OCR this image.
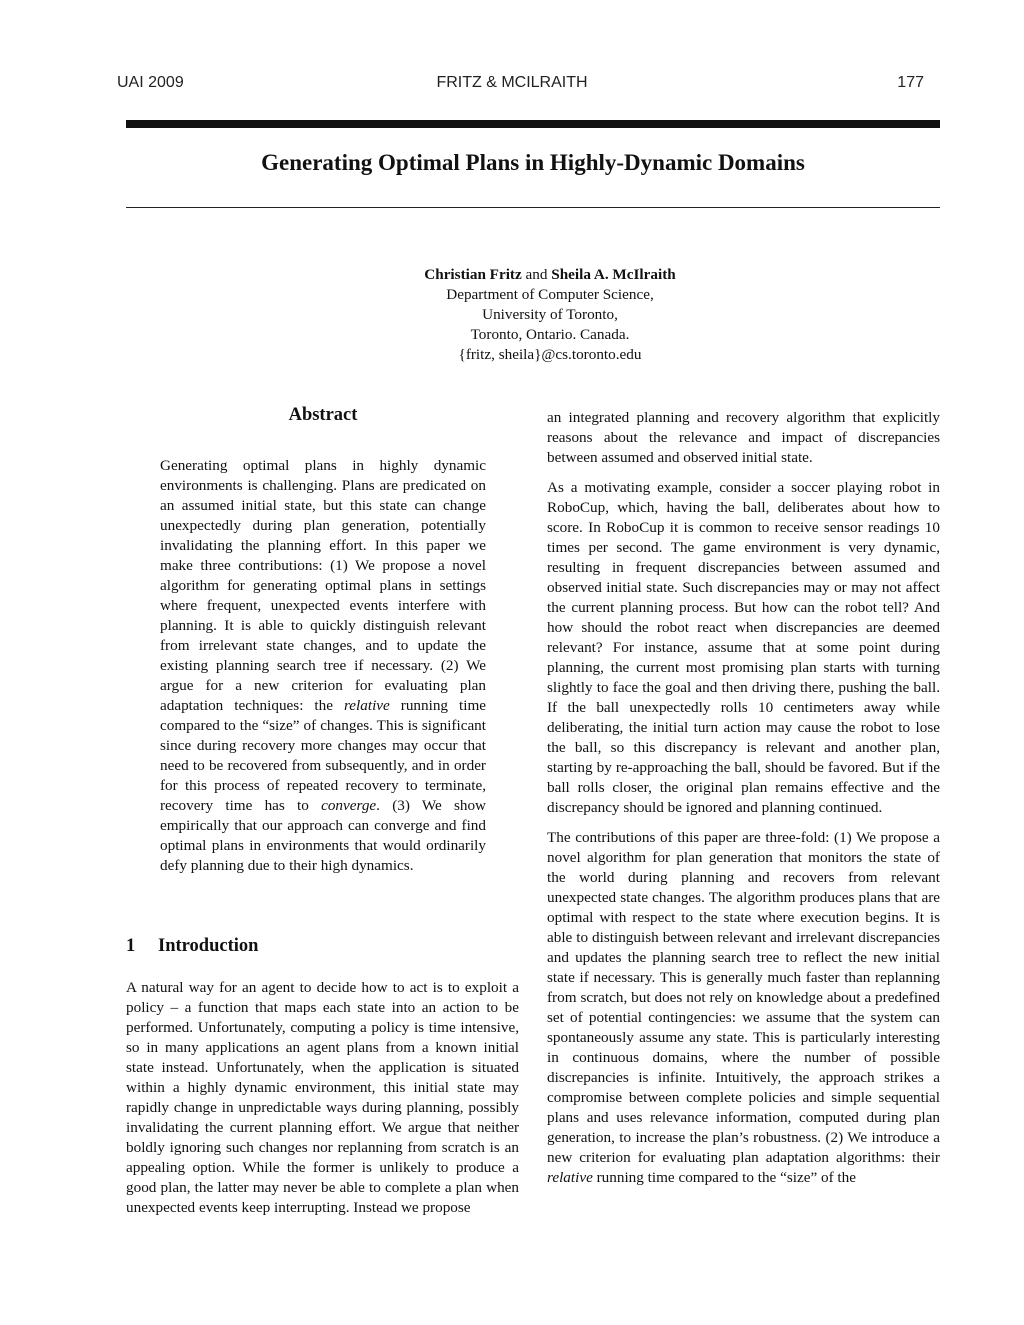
UAI 2009	FRITZ & MCILRAITH	177
Generating Optimal Plans in Highly-Dynamic Domains
Christian Fritz and Sheila A. McIlraith
Department of Computer Science,
University of Toronto,
Toronto, Ontario. Canada.
{fritz, sheila}@cs.toronto.edu
Abstract

Generating optimal plans in highly dynamic environments is challenging. Plans are predicated on an assumed initial state, but this state can change unexpectedly during plan generation, potentially invalidating the planning effort. In this paper we make three contributions: (1) We propose a novel algorithm for generating optimal plans in settings where frequent, unexpected events interfere with planning. It is able to quickly distinguish relevant from irrelevant state changes, and to update the existing planning search tree if necessary. (2) We argue for a new criterion for evaluating plan adaptation techniques: the relative running time compared to the “size” of changes. This is significant since during recovery more changes may occur that need to be recovered from subsequently, and in order for this process of repeated recovery to terminate, recovery time has to converge. (3) We show empirically that our approach can converge and find optimal plans in environments that would ordinarily defy planning due to their high dynamics.

1 Introduction

A natural way for an agent to decide how to act is to exploit a policy – a function that maps each state into an action to be performed. Unfortunately, computing a policy is time intensive, so in many applications an agent plans from a known initial state instead. Unfortunately, when the application is situated within a highly dynamic environment, this initial state may rapidly change in unpredictable ways during planning, possibly invalidating the current planning effort. We argue that neither boldly ignoring such changes nor replanning from scratch is an appealing option. While the former is unlikely to produce a good plan, the latter may never be able to complete a plan when unexpected events keep interrupting. Instead we propose

an integrated planning and recovery algorithm that explicitly reasons about the relevance and impact of discrepancies between assumed and observed initial state.

As a motivating example, consider a soccer playing robot in RoboCup, which, having the ball, deliberates about how to score. In RoboCup it is common to receive sensor readings 10 times per second. The game environment is very dynamic, resulting in frequent discrepancies between assumed and observed initial state. Such discrepancies may or may not affect the current planning process. But how can the robot tell? And how should the robot react when discrepancies are deemed relevant? For instance, assume that at some point during planning, the current most promising plan starts with turning slightly to face the goal and then driving there, pushing the ball. If the ball unexpectedly rolls 10 centimeters away while deliberating, the initial turn action may cause the robot to lose the ball, so this discrepancy is relevant and another plan, starting by re-approaching the ball, should be favored. But if the ball rolls closer, the original plan remains effective and the discrepancy should be ignored and planning continued.

The contributions of this paper are three-fold: (1) We propose a novel algorithm for plan generation that monitors the state of the world during planning and recovers from relevant unexpected state changes. The algorithm produces plans that are optimal with respect to the state where execution begins. It is able to distinguish between relevant and irrelevant discrepancies and updates the planning search tree to reflect the new initial state if necessary. This is generally much faster than replanning from scratch, but does not rely on knowledge about a predefined set of potential contingencies: we assume that the system can spontaneously assume any state. This is particularly interesting in continuous domains, where the number of possible discrepancies is infinite. Intuitively, the approach strikes a compromise between complete policies and simple sequential plans and uses relevance information, computed during plan generation, to increase the plan’s robustness. (2) We introduce a new criterion for evaluating plan adaptation algorithms: their relative running time compared to the “size” of the
